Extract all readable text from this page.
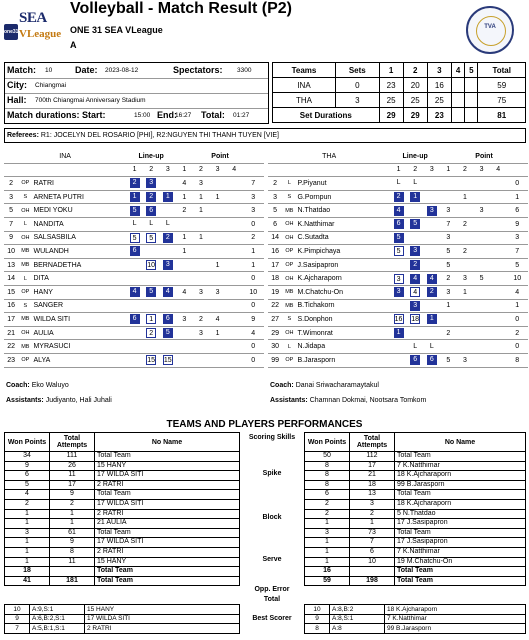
one31
SEA
VLeague
Volleyball - Match Result (P2)
ONE 31 SEA VLeague
A
TVA
Match: 10	Date: 2023-08-12	Spectators: 3300
City: Chiangmai
Hall: 700th Chiangmai Anniversary Stadium
Match durations: Start:	15:00 End:
16:27 Total: 01:27
Teams	Sets	1	2	3	4	5	Total
INA	0	23	20	16			59
THA	3	25	25	25			75
Set Durations		29	29	23			81
Referees: R1: JOCELYN DEL ROSARIO [PHI], R2:NGUYEN THI THANH TUYEN [VIE]
INA			Line-up			Point				
			1	2	3	1	2	3	4	
2	OP	RATRI	2	3		4	3			7
3	S	ARNETA PUTRI	1	2	1	1	1	1		3
5	OH	MEDI YOKU	5	6		2	1			3
7	L	NANDITA	L	L	L					0
9	OH	SALSASBILA	5	5	2	1	1			2
10	MB	WULANDH	6			1				1
13	MB	BERNADETHA		10	3			1		1
14	L	DITA								0
15	OP	HANY	4	5	4	4	3	3		10
16	S	SANGER								0
17	MB	WILDA SITI	6	1	6	3	2	4		9
21	OH	AULIA		2	5		3	1		4
22	MB	MYRASUCI								0
23	OP	ALYA		15	15					0
THA			Line-up			Point				
			1	2	3	1	2	3	4	
2	L	P.Piyanut	L	L						0
3	S	G.Pornpun	2	1			1			1
5	MB	N.Thatdao	4		3	3		3		6
6	OH	K.Natthimar	6	5		7	2			9
14	OH	C.Sutadta	5			3				3
16	OP	K.Pimpichaya	5	3		5	2			7
17	OP	J.Sasipapron		2		5				5
18	OH	K.Ajcharaporn	3	4	4	2	3	5		10
19	MB	M.Chatchu-On	3	4	2	3	1			4
22	MB	B.Tichakorn		3		1				1
27	S	S.Donphon	16	18	1					0
29	OH	T.Wimonrat	1			2				2
30	L	N.Jidapa		L	L					0
99	OP	B.Jarasporn		6	6	5	3			8
Coach: Eko Waluyo
Assistants: Judiyanto, Hali Juhali
Coach: Danai Sriwacharamaytakul
Assistants: Chamnan Dokmai, Nootsara Tomkom
TEAMS AND PLAYERS PERFORMANCES
Won Points	Total Attempts	No Name
34	111	Total Team
9	26	15 HANY
6	11	17 WILDA SITI
5	17	2 RATRI
4	9	Total Team
2	2	17 WILDA SITI
1	1	2 RATRI
1	1	21 AULIA
3	61	Total Team
1	9	17 WILDA SITI
1	8	2 RATRI
1	11	15 HANY
18		Total Team
41	181	Total Team
Scoring Skills
Spike
Block
Serve
Opp. Error
Total
Won Points	Total Attempts	No Name
50	112	Total Team
8	17	7 K.Natthimar
8	21	18 K.Ajcharaporn
8	18	99 B.Jarasporn
6	13	Total Team
2	3	18 K.Ajcharaporn
2	2	5 N.Thatdao
1	1	17 J.Sasipapron
3	73	Total Team
1	7	17 J.Sasipapron
1	6	7 K.Natthimar
1	10	19 M.Chatchu-On
16		Total Team
59	198	Total Team
10	A:9,S:1	15 HANY
9	A:6,B:2,S:1	17 WILDA SITI
7	A:5,B:1,S:1	2 RATRI
Best Scorer
10	A:8,B:2	18 K.Ajcharaporn
9	A:8,S:1	7 K.Natthimar
8	A:8	99 B.Jarasporn
